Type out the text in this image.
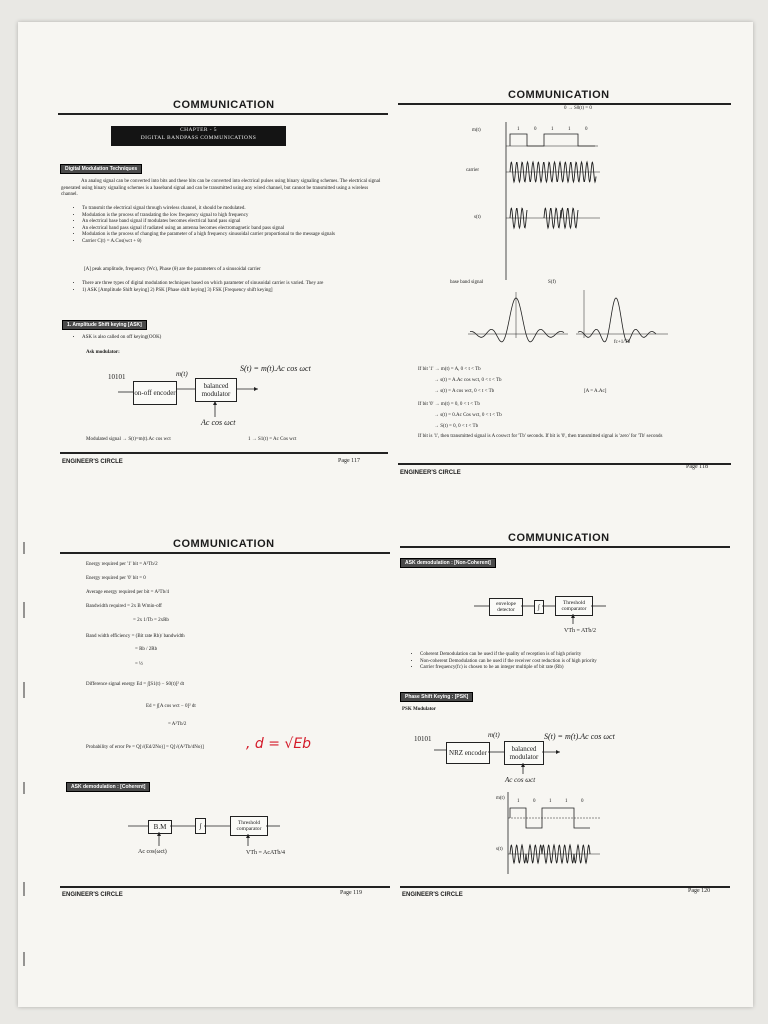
COMMUNICATION
CHAPTER - 5
DIGITAL BANDPASS COMMUNICATIONS
Digital Modulation Techniques
An analog signal can be converted into bits and these bits can be converted into electrical pulses using binary signaling schemes. The electrical signal generated using binary signaling schemes is a baseband signal and can be transmitted using any wired channel, but cannot be transmitted using a wireless channel.
• To transmit the electrical signal through wireless channel, it should be modulated.
• Modulation is the process of translating the low frequency signal to high frequency
• An electrical base band signal if modulates becomes electrical band pass signal
• An electrical band pass signal if radiated using an antenna becomes electromagnetic band pass signal
• Modulation is the process of changing the parameter of a high frequency sinusoidal carrier proportional to the message signals
• Carrier C(t) = A.Cos(wct + θ)
[A] peak amplitude, frequency (Wc), Phase (θ) are the parameters of a sinusoidal carrier
• There are three types of digital modulation techniques based on which parameter of sinusoidal carrier is varied. They are
• 1) ASK [Amplitude Shift keying] 2) PSK [Phase shift keying] 3) FSK [Frequency shift keying]
1. Amplitude Shift keying [ASK]
• ASK is also called on off keying(OOK)
Ask modulator:
S(t) = m(t).Ac cos ωct
10101
on-off encoder
m(t)
balanced modulator
Ac cos ωct
Modulated signal → S(t)=m(t).Ac cos wct	1 → S1(t) = Ac Cos wct
ENGINEER'S CIRCLE	Page 117
COMMUNICATION
0 → S0(t) = 0
m(t)
carrier
s(t)
1	0	1	1	0
base band signal	S(f)
fc+1/Tb
If bit '1' → m(t) = A, 0 < t < Tb
→ s(t) = A.Ac cos wct, 0 < t < Tb
→ s(t) = A cos wct, 0 < t < Tb	[A = A.Ac]
If bit '0' → m(t) = 0, 0 < t < Tb
→ s(t) = 0.Ac Cos wct, 0 < t < Tb
→ S(t) = 0, 0 < t < Tb
If bit is '1', then transmitted signal is A coswct for 'Tb' seconds. If bit is '0', then transmitted signal is 'zero' for 'Tb' seconds
ENGINEER'S CIRCLE
Page 118
COMMUNICATION
Energy required per '1' bit = A²Tb/2
Energy required per '0' bit = 0
Average energy required per bit = A²Tb/4
Bandwidth required = 2x B Wmin-off
= 2x 1/Tb = 2xRb
Band width efficiency = (Bit rate Rb)/ bandwidth
= Rb / 2Rb
= ½
Difference signal energy Ed = ∫[S1(t) − S0(t)]² dt
Ed = ∫[A cos wct − 0]² dt
= A²Tb/2
Probability of error Pe = Q[√(Ed/2No)] = Q[√(A²Tb/4No)]	, d = √Eb
ASK demodulation : [Coherent]
B.M	∫	Threshold comparator
Ac cos(ωct)	VTh = AcATb/4
ENGINEER'S CIRCLE	Page 119
COMMUNICATION
ASK demodulation : [Non-Coherent]
envelope detector	∫	Threshold comparator
VTh = ATb/2
• Coherent Demodulation can be used if the quality of reception is of high priority
• Non-coherent Demodulation can be used if the receiver cost reduction is of high priority
• Carrier frequency(fc) is chosen to be an integer multiple of bit rate (Rb)
Phase Shift Keying : [PSK]
PSK Modulator
10101
NRZ encoder
m(t)
balanced modulator
S(t) = m(t).Ac cos ωct
Ac cos ωct
m(t)
s(t)
1	0	1	1	0
ENGINEER'S CIRCLE
Page 120
